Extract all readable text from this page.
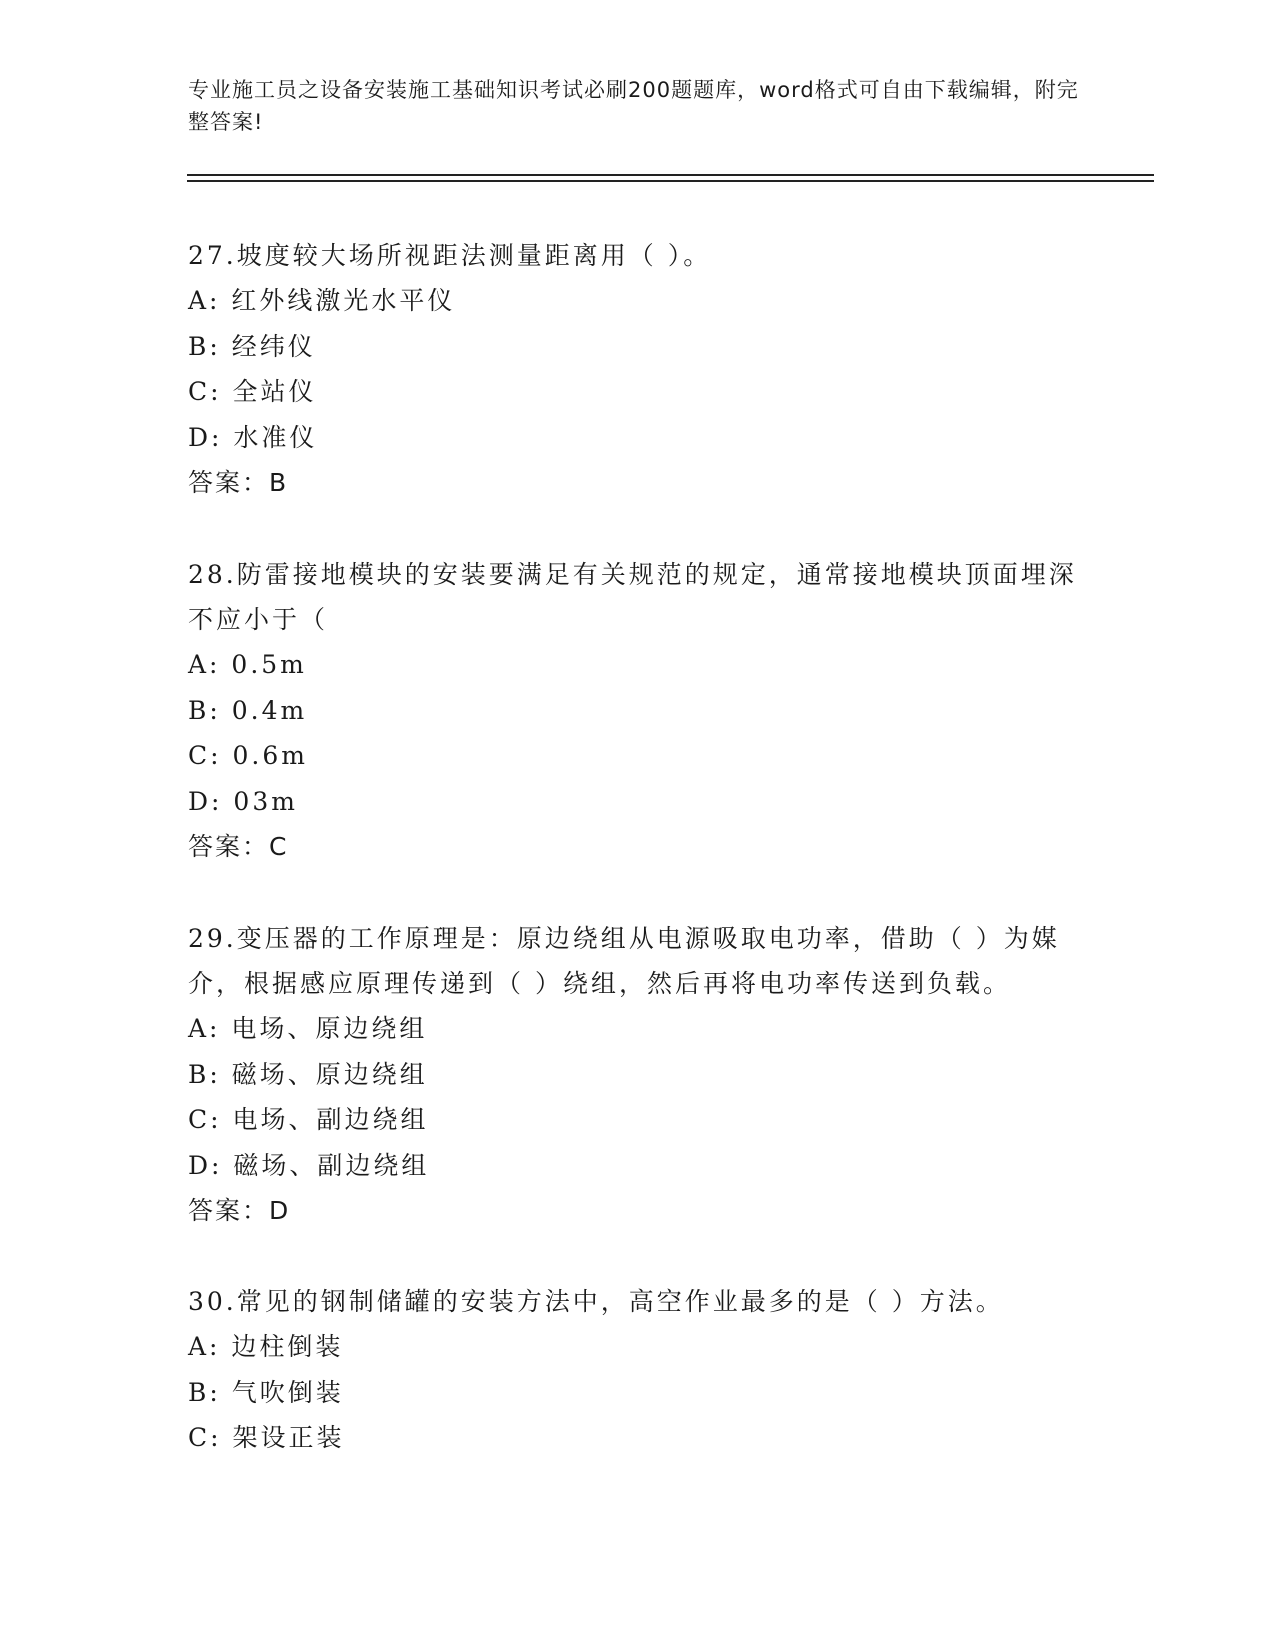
专业施工员之设备安装施工基础知识考试必刷200题题库，word格式可自由下载编辑，附完整答案!
27.坡度较大场所视距法测量距离用（ ）。
A: 红外线激光水平仪
B: 经纬仪
C: 全站仪
D: 水准仪
答案：B
28.防雷接地模块的安装要满足有关规范的规定，通常接地模块顶面埋深不应小于（
A: 0.5m
B: 0.4m
C: 0.6m
D: 03m
答案：C
29.变压器的工作原理是：原边绕组从电源吸取电功率，借助（ ）为媒介，根据感应原理传递到（ ）绕组，然后再将电功率传送到负载。
A: 电场、原边绕组
B: 磁场、原边绕组
C: 电场、副边绕组
D: 磁场、副边绕组
答案：D
30.常见的钢制储罐的安装方法中，高空作业最多的是（ ）方法。
A: 边柱倒装
B: 气吹倒装
C: 架设正装
